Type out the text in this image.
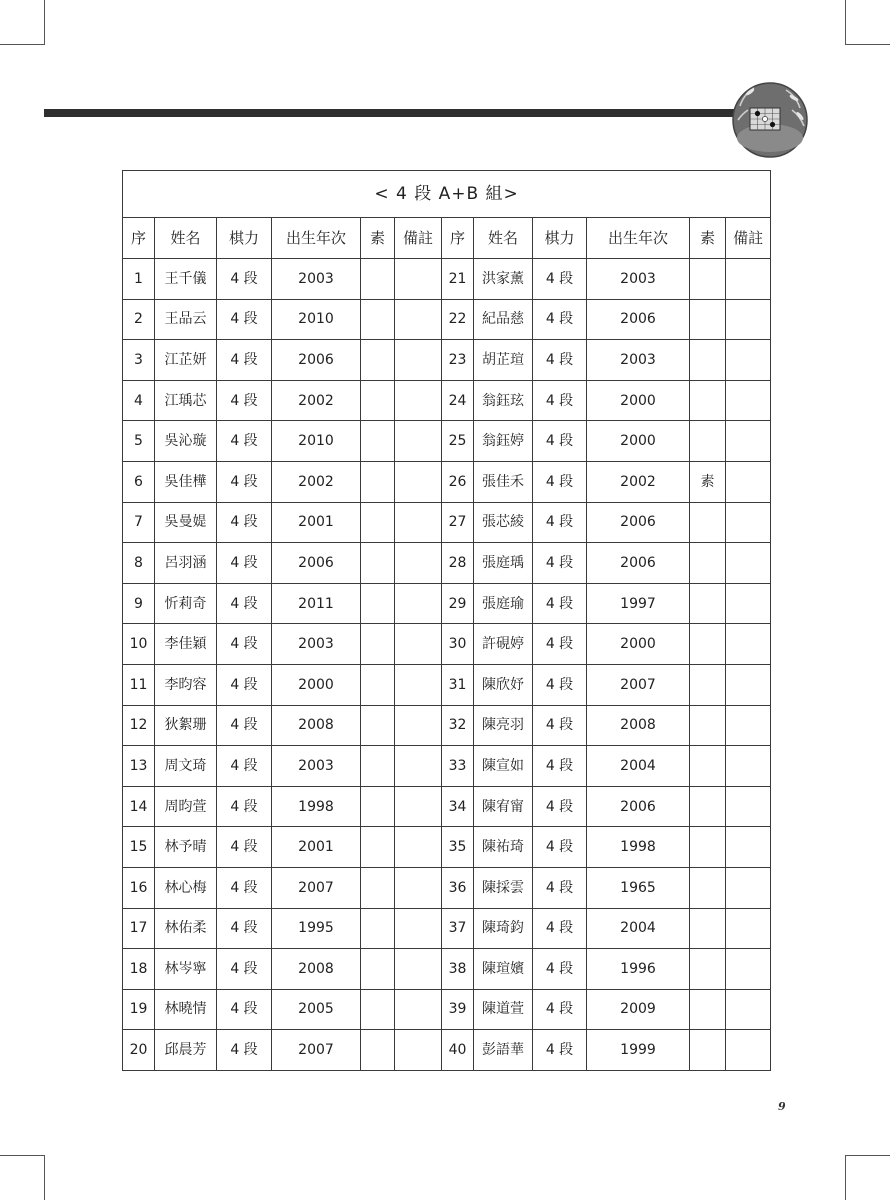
< 4 段 A+B 組>											
序	姓名	棋力	出生年次	素	備註	序	姓名	棋力	出生年次	素	備註
1	王千儀	4 段	2003			21	洪家薰	4 段	2003		
2	王品云	4 段	2010			22	紀品慈	4 段	2006		
3	江芷妍	4 段	2006			23	胡芷瑄	4 段	2003		
4	江瑀芯	4 段	2002			24	翁鈺玹	4 段	2000		
5	吳沁璇	4 段	2010			25	翁鈺婷	4 段	2000		
6	吳佳樺	4 段	2002			26	張佳禾	4 段	2002	素	
7	吳曼媞	4 段	2001			27	張芯綾	4 段	2006		
8	呂羽涵	4 段	2006			28	張庭瑀	4 段	2006		
9	忻莉奇	4 段	2011			29	張庭瑜	4 段	1997		
10	李佳穎	4 段	2003			30	許硯婷	4 段	2000		
11	李昀容	4 段	2000			31	陳欣妤	4 段	2007		
12	狄絮珊	4 段	2008			32	陳亮羽	4 段	2008		
13	周文琦	4 段	2003			33	陳宣如	4 段	2004		
14	周昀萱	4 段	1998			34	陳宥甯	4 段	2006		
15	林予晴	4 段	2001			35	陳祐琦	4 段	1998		
16	林心梅	4 段	2007			36	陳採雲	4 段	1965		
17	林佑柔	4 段	1995			37	陳琦鈞	4 段	2004		
18	林岑寧	4 段	2008			38	陳瑄嬪	4 段	1996		
19	林曉情	4 段	2005			39	陳道萱	4 段	2009		
20	邱晨芳	4 段	2007			40	彭語華	4 段	1999		
9
